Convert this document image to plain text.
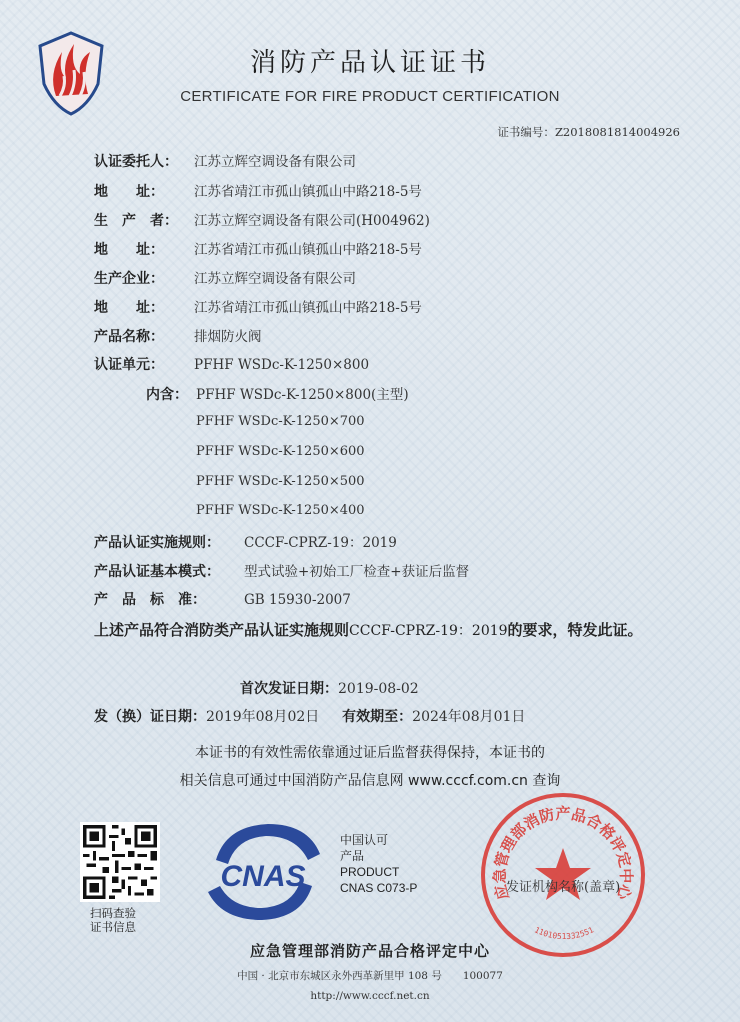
消防产品认证证书
CERTIFICATE FOR FIRE PRODUCT CERTIFICATION
证书编号：Z2018081814004926
认证委托人： 江苏立辉空调设备有限公司
地　　址： 江苏省靖江市孤山镇孤山中路218-5号
生　产　者： 江苏立辉空调设备有限公司(H004962)
地　　址： 江苏省靖江市孤山镇孤山中路218-5号
生产企业： 江苏立辉空调设备有限公司
地　　址： 江苏省靖江市孤山镇孤山中路218-5号
产品名称： 排烟防火阀
认证单元： PFHF WSDc-K-1250×800
内含： PFHF WSDc-K-1250×800(主型)
PFHF WSDc-K-1250×700
PFHF WSDc-K-1250×600
PFHF WSDc-K-1250×500
PFHF WSDc-K-1250×400
产品认证实施规则： CCCF-CPRZ-19：2019
产品认证基本模式： 型式试验+初始工厂检查+获证后监督
产　品　标　准：	GB 15930-2007
上述产品符合消防类产品认证实施规则CCCF-CPRZ-19：2019的要求，特发此证。
首次发证日期：2019-08-02
发（换）证日期：2019年08月02日 有效期至：2024年08月01日
本证书的有效性需依靠通过证后监督获得保持，本证书的
相关信息可通过中国消防产品信息网 www.cccf.com.cn 查询
扫码查验
证书信息
CNAS
中国认可
产品
PRODUCT
CNAS C073-P	应急管理部消防产品合格评定中心
1101051332551
发证机构名称(盖章)
应急管理部消防产品合格评定中心
中国 · 北京市东城区永外西革新里甲 108 号　　100077
http://www.cccf.net.cn
